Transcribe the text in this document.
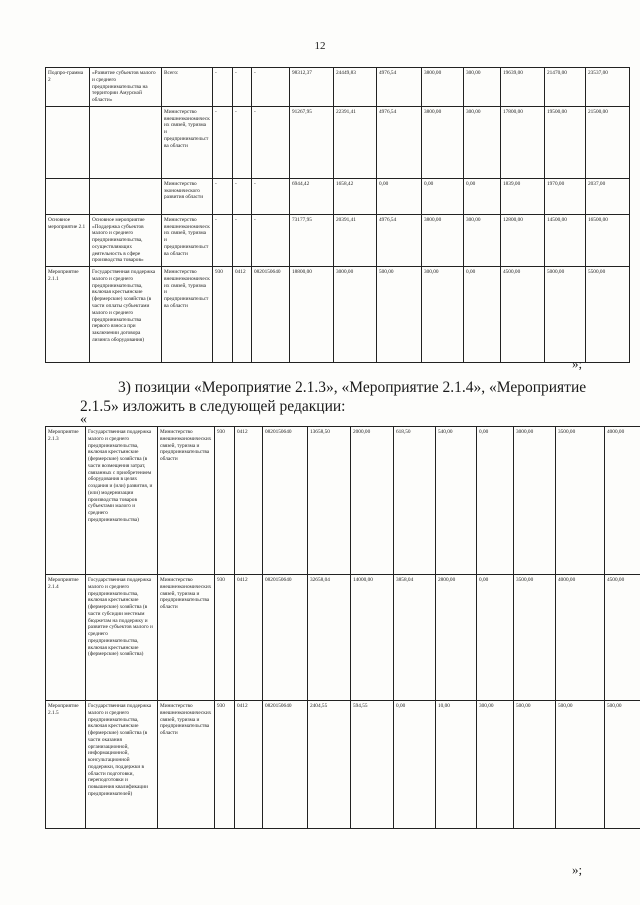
12
Подпро-грамма 2	«Развитие субъектов малого и среднего предпринимательства на территории Амурской области»	Всего:	-	-	-	98312,37	24449,83	4976,54	3800,00	300,00	19639,00	21470,00	23537,00
		Министерство внешнеэкономических связей, туризма и предпринимательства области	-	-	-	91267,95	22391,41	4976,54	3800,00	300,00	17800,00	19500,00	21500,00
		Министерство экономического развития области	-	-	-	6944,42	1658,42	0,00	0,00	0,00	1839,00	1970,00	2037,00
Основное мероприятие 2.1	Основное мероприятие «Поддержка субъектов малого и среднего предпринимательства, осуществляющих деятельность в сфере производства товаров»	Министерство внешнеэкономических связей, туризма и предпринимательства области	-	-	-	73177,95	20391,41	4976,54	3800,00	300,00	12800,00	14500,00	16500,00
Мероприятие 2.1.1	Государственная поддержка малого и среднего предпринимательства, включая крестьянские (фермерские) хозяйства (в части оплаты субъектами малого и среднего предпринимательства первого взноса при заключении договора лизинга оборудования)	Министерство внешнеэкономических связей, туризма и предпринимательства области	930	0412	0820150640	18800,00	3000,00	500,00	300,00	0,00	4500,00	5000,00	5500,00
»;
3) позиции «Мероприятие 2.1.3», «Мероприятие 2.1.4», «Мероприятие 2.1.5» изложить в следующей редакции:
«
Мероприятие 2.1.3	Государственная поддержка малого и среднего предпринимательства, включая крестьянские (фермерские) хозяйства (в части возмещения затрат, связанных с приобретением оборудования в целях создания и (или) развития, и (или) модернизации производства товаров субъектами малого и среднего предпринимательства)	Министерство внешнеэкономических связей, туризма и предпринимательства области	930	0412	0820150640	13658,50	2000,00	618,50	540,00	0,00	3000,00	3500,00	4000,00
Мероприятие 2.1.4	Государственная поддержка малого и среднего предпринимательства, включая крестьянские (фермерские) хозяйства (в части субсидии местным бюджетам на поддержку и развитие субъектов малого и среднего предпринимательства, включая крестьянские (фермерские) хозяйства)	Министерство внешнеэкономических связей, туризма и предпринимательства области	930	0412	0820150640	32658,04	14000,00	3858,04	2800,00	0,00	3500,00	4000,00	4500,00
Мероприятие 2.1.5	Государственная поддержка малого и среднего предпринимательства, включая крестьянские (фермерские) хозяйства (в части оказания организационной, информационной, консультационной поддержки, поддержки в области подготовки, переподготовки и повышения квалификации предпринимателей)	Министерство внешнеэкономических связей, туризма и предпринимательства области	930	0412	0820150640	2404,55	594,55	0,00	10,00	300,00	500,00	500,00	500,00
»;
